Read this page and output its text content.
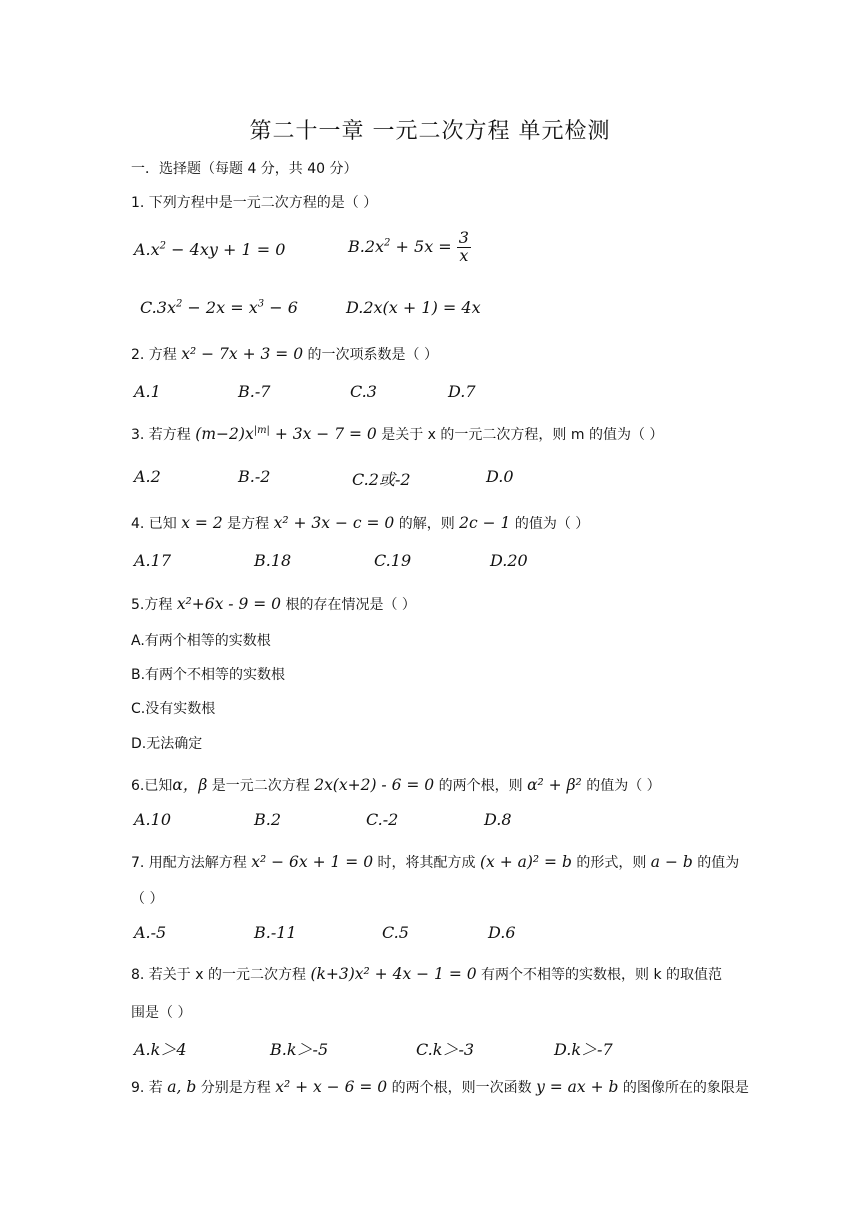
第二十一章 一元二次方程 单元检测
一．选择题（每题 4 分，共 40 分）
1. 下列方程中是一元二次方程的是（ ）
$A.x^2 - 4xy + 1 = 0$	$B.2x^2 + 5x = \frac{3}{x}$
$C.3x^2 - 2x = x^3 - 6$	D.2x(x + 1) = 4x
2. 方程 x² − 7x + 3 = 0 的一次项系数是（ ）
A.1	B.-7	C.3	D.7
3. 若方程 $(m-2)x^{|m|} + 3x - 7 = 0$ 是关于 x 的一元二次方程，则 m 的值为（ ）
A.2	B.-2	C.2或-2	D.0
4. 已知 x = 2 是方程 x² + 3x − c = 0 的解，则 2c − 1 的值为（ ）
A.17	B.18	C.19	D.20
5.方程 x²+6x - 9 = 0 根的存在情况是（ ）
A.有两个相等的实数根
B.有两个不相等的实数根
C.没有实数根
D.无法确定
6.已知α，β 是一元二次方程 2x(x+2) - 6 = 0 的两个根，则 α² + β² 的值为（ ）
A.10	B.2	C.-2	D.8
7. 用配方法解方程 x² − 6x + 1 = 0 时，将其配方成 (x + a)² = b 的形式，则 a − b 的值为
（ ）
A.-5	B.-11	C.5	D.6
8. 若关于 x 的一元二次方程 (k+3)x² + 4x − 1 = 0 有两个不相等的实数根，则 k 的取值范
围是（ ）
A.k＞4	B.k＞-5	C.k＞-3	D.k＞-7
9. 若 a, b 分别是方程 x² + x − 6 = 0 的两个根，则一次函数 y = ax + b 的图像所在的象限是
